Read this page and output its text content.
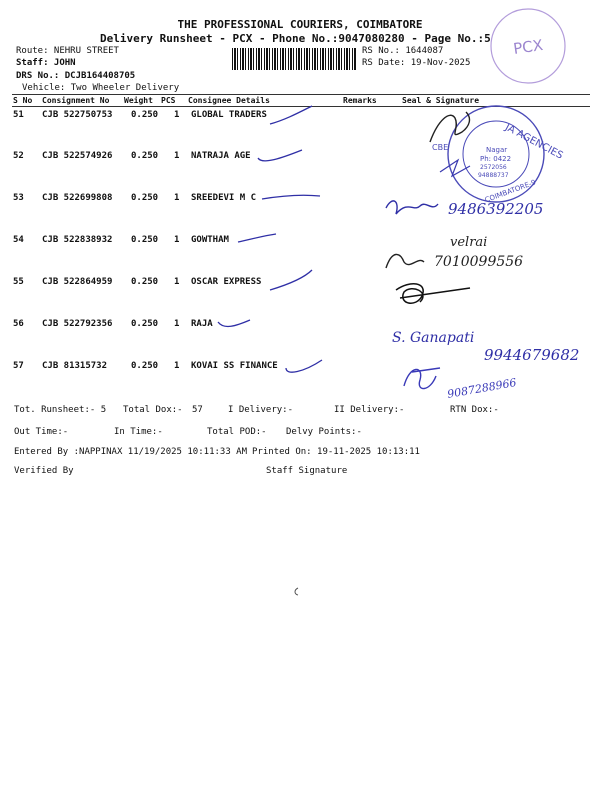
THE PROFESSIONAL COURIERS, COIMBATORE
Delivery Runsheet - PCX - Phone No.:9047080280 - Page No.:5
Route: NEHRU STREET
Staff: JOHN
DRS No.: DCJB164408705
Vehicle: Two Wheeler Delivery
RS No.: 1644087
RS Date: 19-Nov-2025
S No Consignment No Weight PCS Consignee Details	Remarks	Seal & Signature
51 CJB 522750753 0.250 1 GLOBAL TRADERS
52 CJB 522574926 0.250 1 NATRAJA AGE
53 CJB 522699808 0.250 1 SREEDEVI M C
54 CJB 522838932 0.250 1 GOWTHAM
55 CJB 522864959 0.250 1 OSCAR EXPRESS
56 CJB 522792356 0.250 1 RAJA
57 CJB 81315732	0.250 1 KOVAI SS FINANCE
PCX
JA AGENCIES
CBE	Nagar
Ph: 0422
2572056
94888737
COIMBATORE-9
9486392205
velrai
7010099556
S. Ganapati
9944679682
9087288966
Tot. Runsheet:- 5 Total Dox:- 57	I Delivery:-	II Delivery:-	RTN Dox:-
Out Time:-	In Time:-	Total POD:- Delvy Points:-
Entered By :NAPPINAX 11/19/2025 10:11:33 AM Printed On: 19-11-2025 10:13:11
Verified By	Staff Signature
